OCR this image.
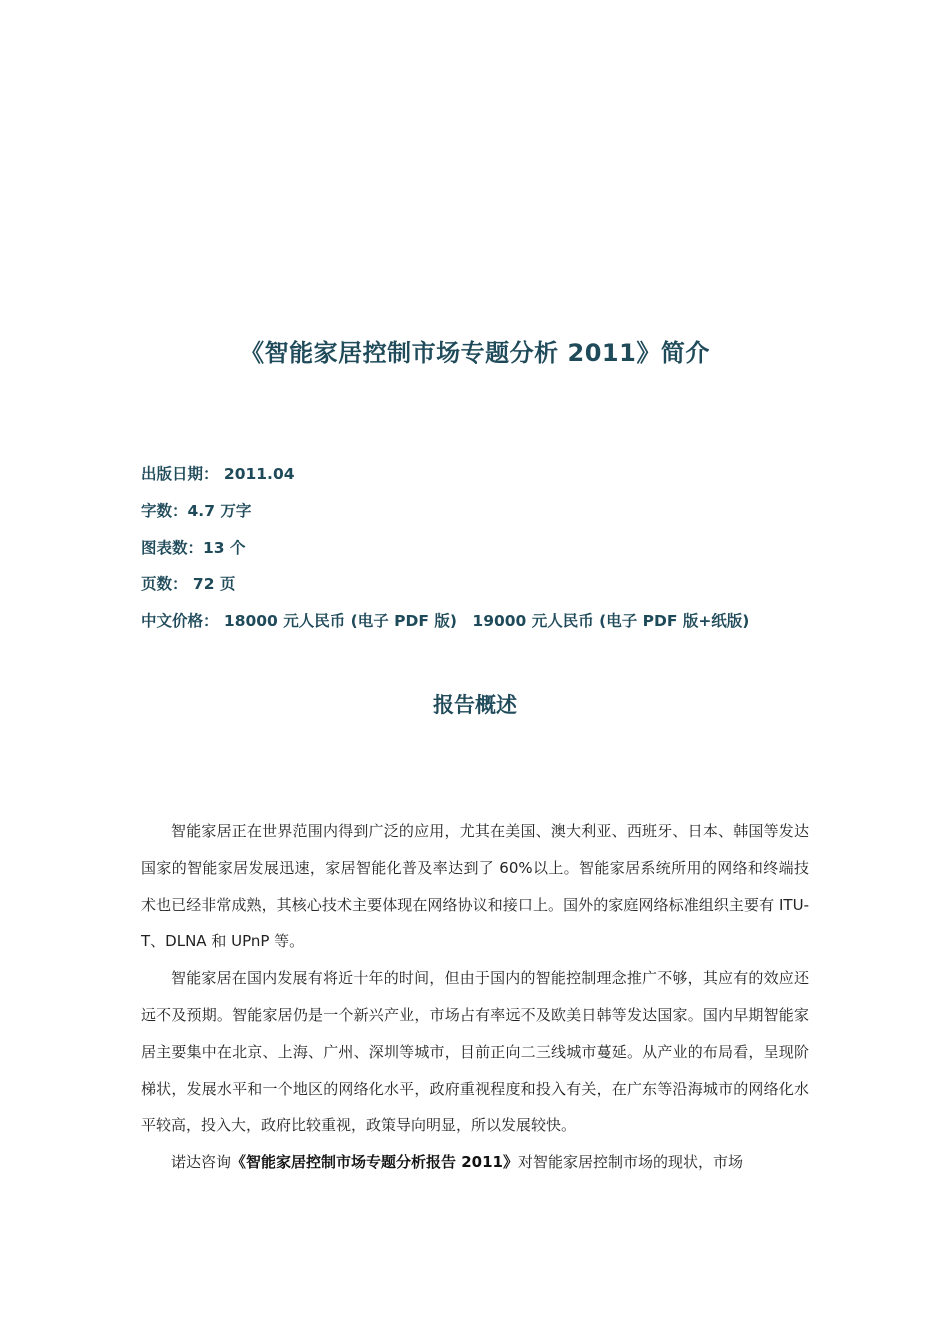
《智能家居控制市场专题分析 2011》简介
出版日期： 2011.04
字数：4.7 万字
图表数：13 个
页数： 72 页
中文价格： 18000 元人民币 (电子 PDF 版)　19000 元人民币 (电子 PDF 版+纸版)
报告概述

智能家居正在世界范围内得到广泛的应用，尤其在美国、澳大利亚、西班牙、日本、韩国等发达国家的智能家居发展迅速，家居智能化普及率达到了 60%以上。智能家居系统所用的网络和终端技术也已经非常成熟，其核心技术主要体现在网络协议和接口上。国外的家庭网络标准组织主要有 ITU-T、DLNA 和 UPnP 等。

智能家居在国内发展有将近十年的时间，但由于国内的智能控制理念推广不够，其应有的效应还远不及预期。智能家居仍是一个新兴产业，市场占有率远不及欧美日韩等发达国家。国内早期智能家居主要集中在北京、上海、广州、深圳等城市，目前正向二三线城市蔓延。从产业的布局看，呈现阶梯状，发展水平和一个地区的网络化水平，政府重视程度和投入有关，在广东等沿海城市的网络化水平较高，投入大，政府比较重视，政策导向明显，所以发展较快。

诺达咨询《智能家居控制市场专题分析报告 2011》对智能家居控制市场的现状，市场
